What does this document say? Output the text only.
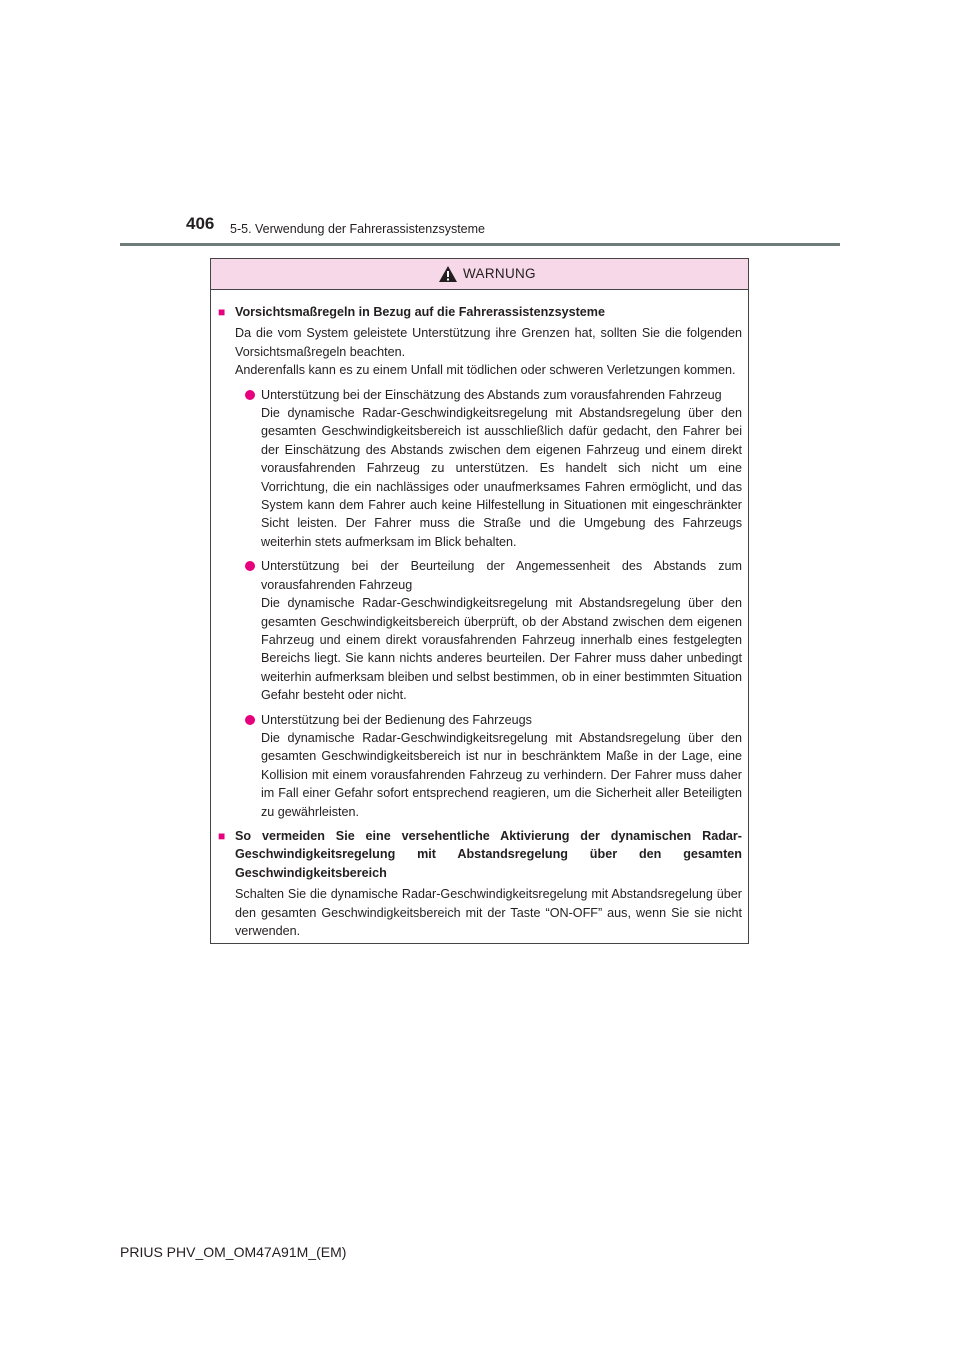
406 5-5. Verwendung der Fahrerassistenzsysteme
WARNUNG
■ Vorsichtsmaßregeln in Bezug auf die Fahrerassistenzsysteme

Da die vom System geleistete Unterstützung ihre Grenzen hat, sollten Sie die folgenden Vorsichtsmaßregeln beachten.

Anderenfalls kann es zu einem Unfall mit tödlichen oder schweren Verletzungen kommen.

Unterstützung bei der Einschätzung des Abstands zum vorausfahrenden Fahrzeug

Die dynamische Radar-Geschwindigkeitsregelung mit Abstandsregelung über den gesamten Geschwindigkeitsbereich ist ausschließlich dafür gedacht, den Fahrer bei der Einschätzung des Abstands zwischen dem eigenen Fahrzeug und einem direkt vorausfahrenden Fahrzeug zu unterstützen. Es handelt sich nicht um eine Vorrichtung, die ein nachlässiges oder unaufmerksames Fahren ermöglicht, und das System kann dem Fahrer auch keine Hilfestellung in Situationen mit eingeschränkter Sicht leisten. Der Fahrer muss die Straße und die Umgebung des Fahrzeugs weiterhin stets aufmerksam im Blick behalten.

Unterstützung bei der Beurteilung der Angemessenheit des Abstands zum vorausfahrenden Fahrzeug

Die dynamische Radar-Geschwindigkeitsregelung mit Abstandsregelung über den gesamten Geschwindigkeitsbereich überprüft, ob der Abstand zwischen dem eigenen Fahrzeug und einem direkt vorausfahrenden Fahrzeug innerhalb eines festgelegten Bereichs liegt. Sie kann nichts anderes beurteilen. Der Fahrer muss daher unbedingt weiterhin aufmerksam bleiben und selbst bestimmen, ob in einer bestimmten Situation Gefahr besteht oder nicht.

Unterstützung bei der Bedienung des Fahrzeugs

Die dynamische Radar-Geschwindigkeitsregelung mit Abstandsregelung über den gesamten Geschwindigkeitsbereich ist nur in beschränktem Maße in der Lage, eine Kollision mit einem vorausfahrenden Fahrzeug zu verhindern. Der Fahrer muss daher im Fall einer Gefahr sofort entsprechend reagieren, um die Sicherheit aller Beteiligten zu gewährleisten.

■ So vermeiden Sie eine versehentliche Aktivierung der dynamischen Radar-Geschwindigkeitsregelung mit Abstandsregelung über den gesamten Geschwindigkeitsbereich

Schalten Sie die dynamische Radar-Geschwindigkeitsregelung mit Abstandsregelung über den gesamten Geschwindigkeitsbereich mit der Taste “ON-OFF” aus, wenn Sie sie nicht verwenden.

PRIUS PHV_OM_OM47A91M_(EM)
